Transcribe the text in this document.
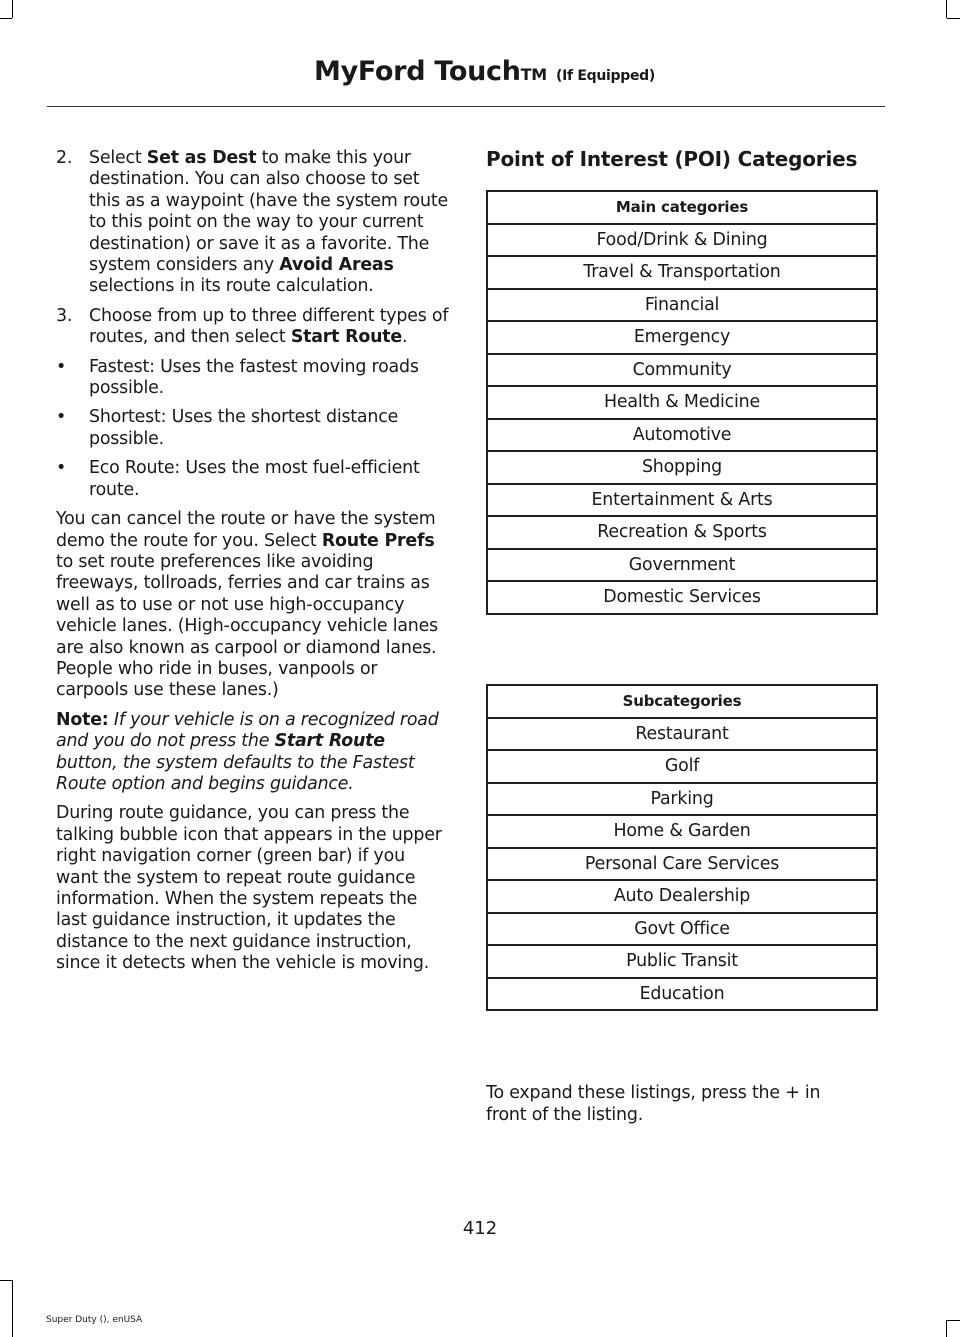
MyFord TouchTM (If Equipped)
2. Select Set as Dest to make this your destination. You can also choose to set this as a waypoint (have the system route to this point on the way to your current destination) or save it as a favorite. The system considers any Avoid Areas selections in its route calculation.
3. Choose from up to three different types of routes, and then select Start Route.
• Fastest: Uses the fastest moving roads possible.
• Shortest: Uses the shortest distance possible.
• Eco Route: Uses the most fuel-efficient route.

You can cancel the route or have the system demo the route for you. Select Route Prefs to set route preferences like avoiding freeways, tollroads, ferries and car trains as well as to use or not use high-occupancy vehicle lanes. (High-occupancy vehicle lanes are also known as carpool or diamond lanes. People who ride in buses, vanpools or carpools use these lanes.)

Note: If your vehicle is on a recognized road and you do not press the Start Route button, the system defaults to the Fastest Route option and begins guidance.

During route guidance, you can press the talking bubble icon that appears in the upper right navigation corner (green bar) if you want the system to repeat route guidance information. When the system repeats the last guidance instruction, it updates the distance to the next guidance instruction, since it detects when the vehicle is moving.

Point of Interest (POI) Categories
Main categories
Food/Drink & Dining
Travel & Transportation
Financial
Emergency
Community
Health & Medicine
Automotive
Shopping
Entertainment & Arts
Recreation & Sports
Government
Domestic Services
Subcategories
Restaurant
Golf
Parking
Home & Garden
Personal Care Services
Auto Dealership
Govt Office
Public Transit
Education

To expand these listings, press the + in front of the listing.

412
Super Duty (), enUSA
